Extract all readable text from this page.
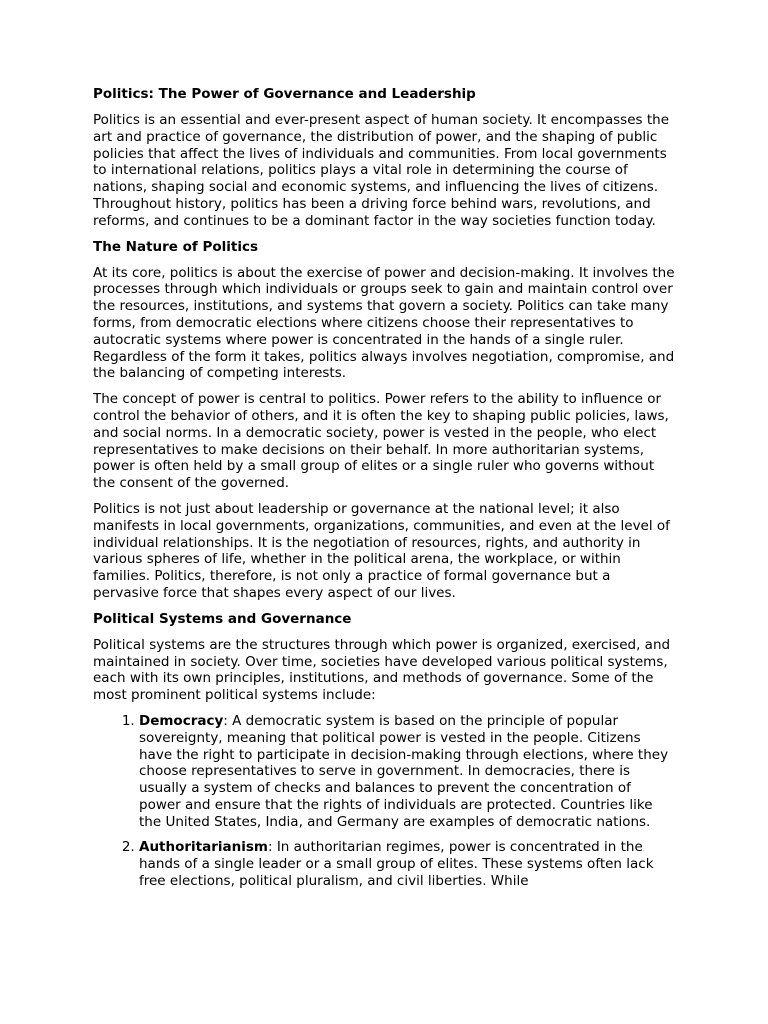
Politics: The Power of Governance and Leadership

Politics is an essential and ever-present aspect of human society. It encompasses the art and practice of governance, the distribution of power, and the shaping of public policies that affect the lives of individuals and communities. From local governments to international relations, politics plays a vital role in determining the course of nations, shaping social and economic systems, and influencing the lives of citizens. Throughout history, politics has been a driving force behind wars, revolutions, and reforms, and continues to be a dominant factor in the way societies function today.

The Nature of Politics

At its core, politics is about the exercise of power and decision-making. It involves the processes through which individuals or groups seek to gain and maintain control over the resources, institutions, and systems that govern a society. Politics can take many forms, from democratic elections where citizens choose their representatives to autocratic systems where power is concentrated in the hands of a single ruler. Regardless of the form it takes, politics always involves negotiation, compromise, and the balancing of competing interests.

The concept of power is central to politics. Power refers to the ability to influence or control the behavior of others, and it is often the key to shaping public policies, laws, and social norms. In a democratic society, power is vested in the people, who elect representatives to make decisions on their behalf. In more authoritarian systems, power is often held by a small group of elites or a single ruler who governs without the consent of the governed.

Politics is not just about leadership or governance at the national level; it also manifests in local governments, organizations, communities, and even at the level of individual relationships. It is the negotiation of resources, rights, and authority in various spheres of life, whether in the political arena, the workplace, or within families. Politics, therefore, is not only a practice of formal governance but a pervasive force that shapes every aspect of our lives.

Political Systems and Governance

Political systems are the structures through which power is organized, exercised, and maintained in society. Over time, societies have developed various political systems, each with its own principles, institutions, and methods of governance. Some of the most prominent political systems include:

1. Democracy: A democratic system is based on the principle of popular sovereignty, meaning that political power is vested in the people. Citizens have the right to participate in decision-making through elections, where they choose representatives to serve in government. In democracies, there is usually a system of checks and balances to prevent the concentration of power and ensure that the rights of individuals are protected. Countries like the United States, India, and Germany are examples of democratic nations.
2. Authoritarianism: In authoritarian regimes, power is concentrated in the hands of a single leader or a small group of elites. These systems often lack free elections, political pluralism, and civil liberties. While
